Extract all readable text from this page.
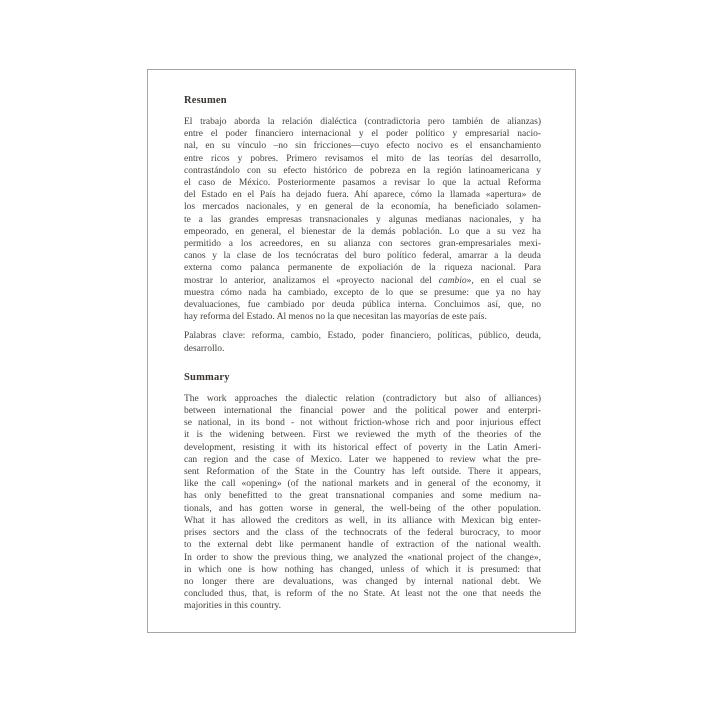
Resumen
El trabajo aborda la relación dialéctica (contradictoria pero también de alianzas)
entre el poder financiero internacional y el poder político y empresarial nacio-
nal, en su vínculo –no sin fricciones—cuyo efecto nocivo es el ensanchamiento
entre ricos y pobres. Primero revisamos el mito de las teorías del desarrollo,
contrastándolo con su efecto histórico de pobreza en la región latinoamericana y
el caso de México. Posteriormente pasamos a revisar lo que la actual Reforma
del Estado en el País ha dejado fuera. Ahí aparece, cómo la llamada «apertura» de
los mercados nacionales, y en general de la economía, ha beneficiado solamen-
te a las grandes empresas transnacionales y algunas medianas nacionales, y ha
empeorado, en general, el bienestar de la demás población. Lo que a su vez ha
permitido a los acreedores, en su alianza con sectores gran-empresariales mexi-
canos y la clase de los tecnócratas del buro político federal, amarrar a la deuda
externa como palanca permanente de expoliación de la riqueza nacional. Para
mostrar lo anterior, analizamos el «proyecto nacional del cambio», en el cual se
muestra cómo nada ha cambiado, excepto de lo que se presume: que ya no hay
devaluaciones, fue cambiado por deuda pública interna. Concluimos así, que, no
hay reforma del Estado. Al menos no la que necesitan las mayorías de este país.
Palabras clave: reforma, cambio, Estado, poder financiero, políticas, público, deuda,
desarrollo.
Summary
The work approaches the dialectic relation (contradictory but also of alliances)
between international the financial power and the political power and enterpri-
se national, in its bond - not without friction-whose rich and poor injurious effect
it is the widening between. First we reviewed the myth of the theories of the
development, resisting it with its historical effect of poverty in the Latin Ameri-
can region and the case of Mexico. Later we happened to review what the pre-
sent Reformation of the State in the Country has left outside. There it appears,
like the call «opening» (of the national markets and in general of the economy, it
has only benefitted to the great transnational companies and some medium na-
tionals, and has gotten worse in general, the well-being of the other population.
What it has allowed the creditors as well, in its alliance with Mexican big enter-
prises sectors and the class of the technocrats of the federal burocracy, to moor
to the external debt like permanent handle of extraction of the national wealth.
In order to show the previous thing, we analyzed the «national project of the change»,
in which one is how nothing has changed, unless of which it is presumed: that
no longer there are devaluations, was changed by internal national debt. We
concluded thus, that, is reform of the no State. At least not the one that needs the
majorities in this country.
